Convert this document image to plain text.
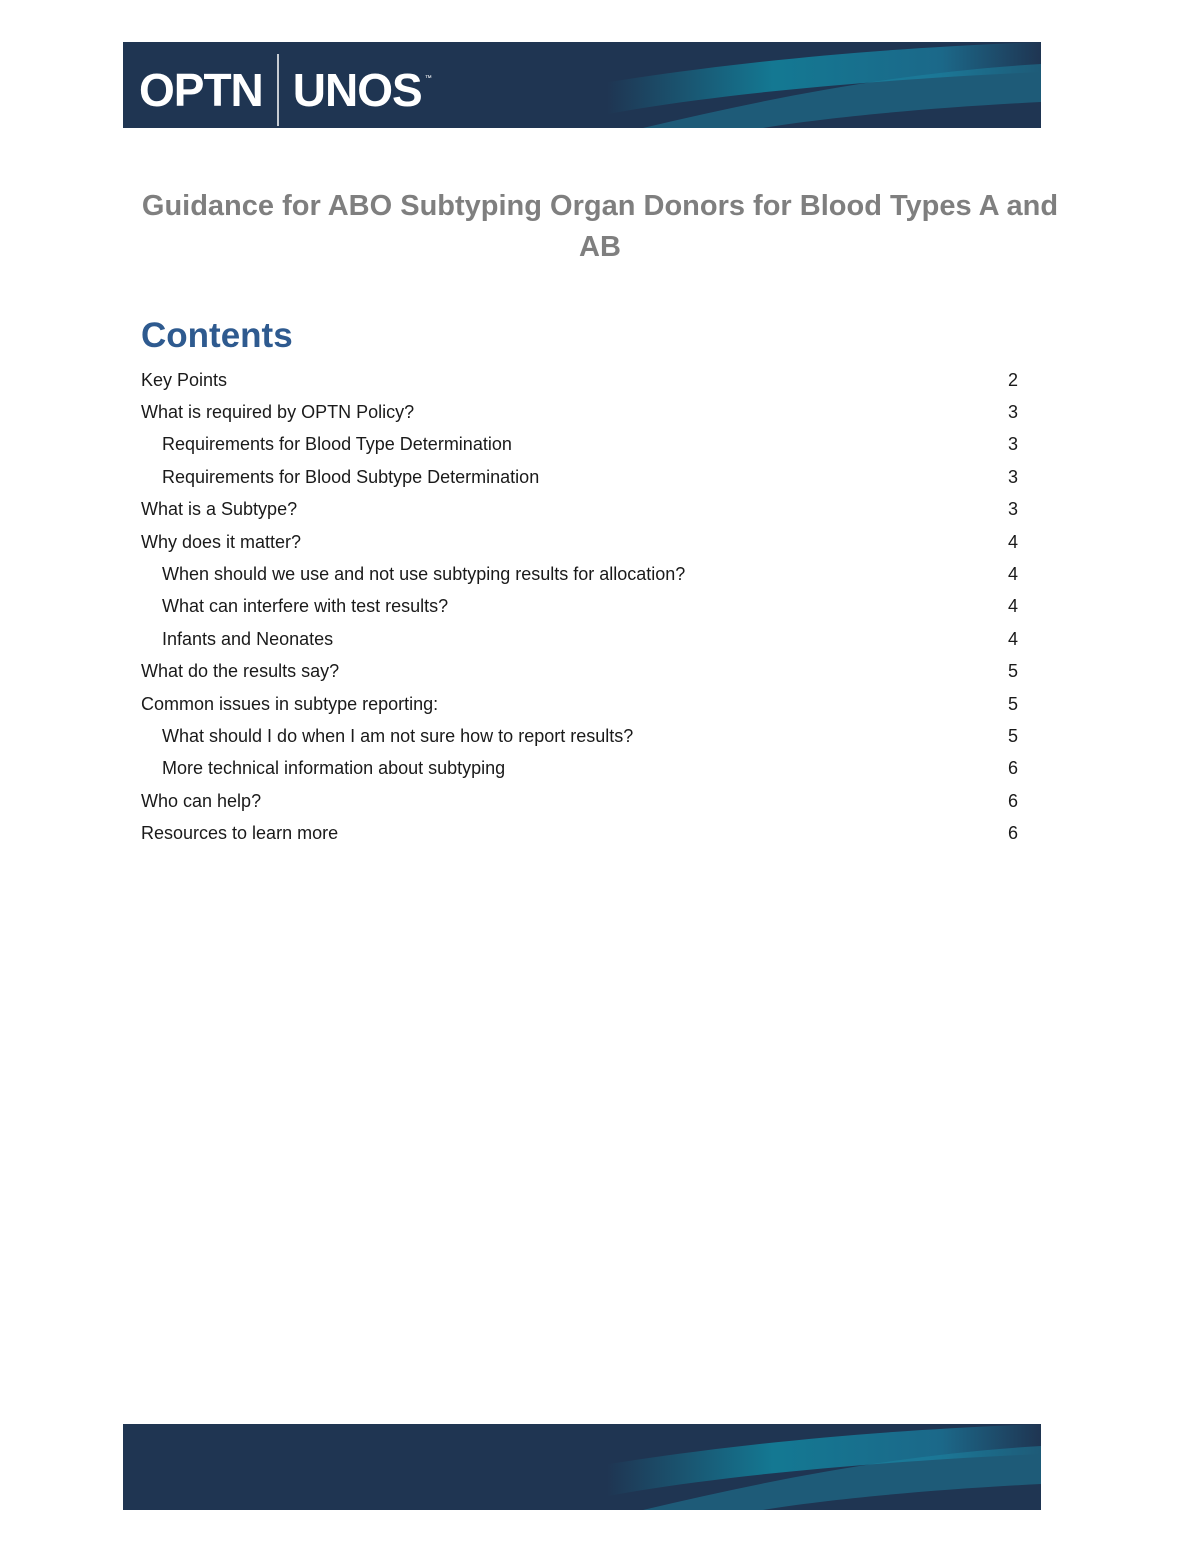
OPTN UNOS ™
Guidance for ABO Subtyping Organ Donors for Blood Types A and AB
Contents
Key Points	2
What is required by OPTN Policy?	3
Requirements for Blood Type Determination	3
Requirements for Blood Subtype Determination	3
What is a Subtype?	3
Why does it matter?	4
When should we use and not use subtyping results for allocation?	4
What can interfere with test results?	4
Infants and Neonates	4
What do the results say?	5
Common issues in subtype reporting:	5
What should I do when I am not sure how to report results?	5
More technical information about subtyping	6
Who can help?	6
Resources to learn more	6
